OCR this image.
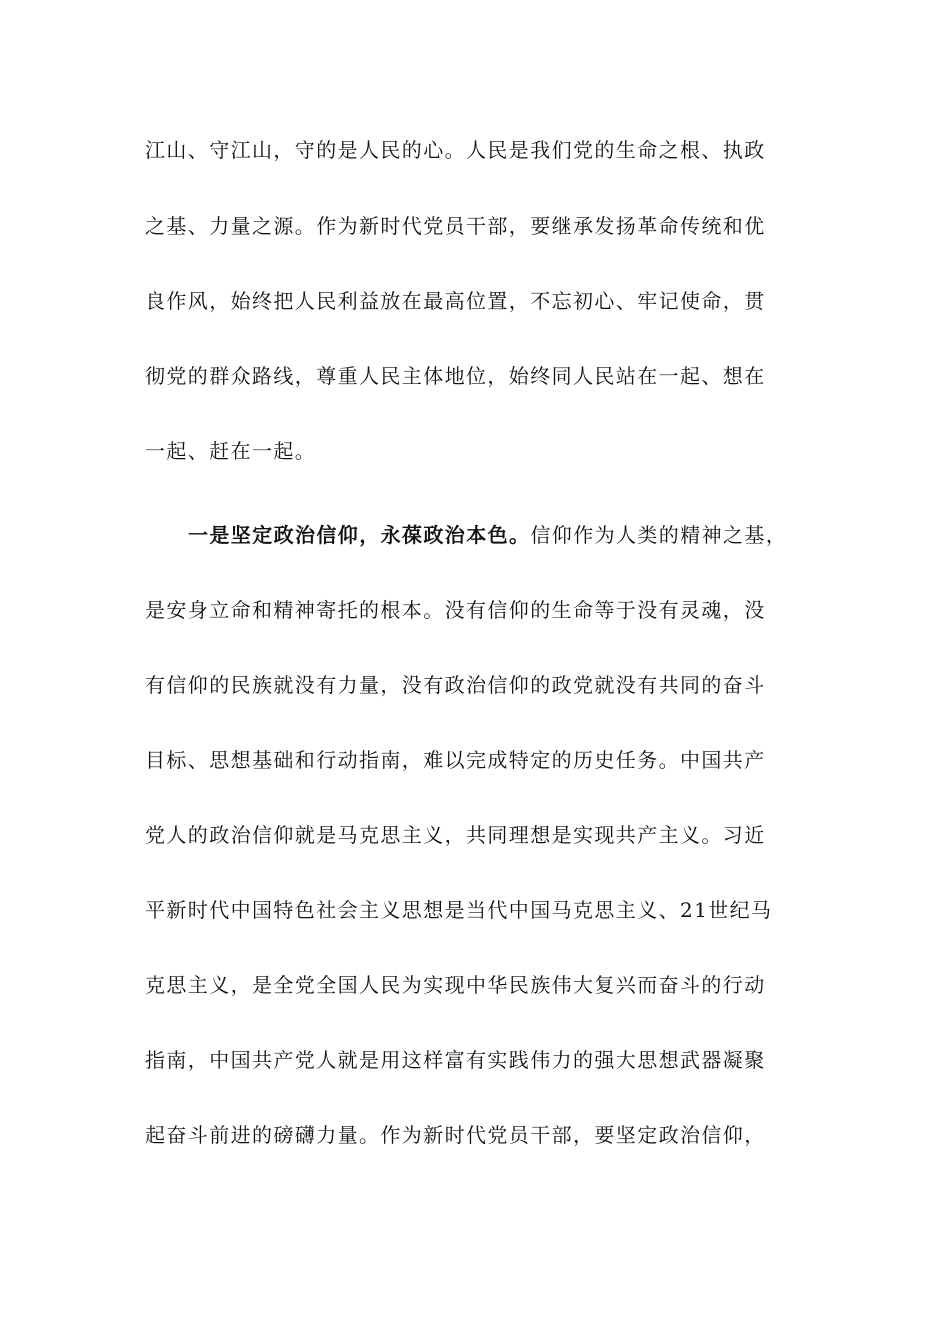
江山、守江山，守的是人民的心。人民是我们党的生命之根、执政
之基、力量之源。作为新时代党员干部，要继承发扬革命传统和优
良作风，始终把人民利益放在最高位置，不忘初心、牢记使命，贯
彻党的群众路线，尊重人民主体地位，始终同人民站在一起、想在
一起、赶在一起。
一是坚定政治信仰，永葆政治本色。信仰作为人类的精神之基，
是安身立命和精神寄托的根本。没有信仰的生命等于没有灵魂，没
有信仰的民族就没有力量，没有政治信仰的政党就没有共同的奋斗
目标、思想基础和行动指南，难以完成特定的历史任务。中国共产
党人的政治信仰就是马克思主义，共同理想是实现共产主义。习近
平新时代中国特色社会主义思想是当代中国马克思主义、21世纪马
克思主义，是全党全国人民为实现中华民族伟大复兴而奋斗的行动
指南，中国共产党人就是用这样富有实践伟力的强大思想武器凝聚
起奋斗前进的磅礴力量。作为新时代党员干部，要坚定政治信仰，
